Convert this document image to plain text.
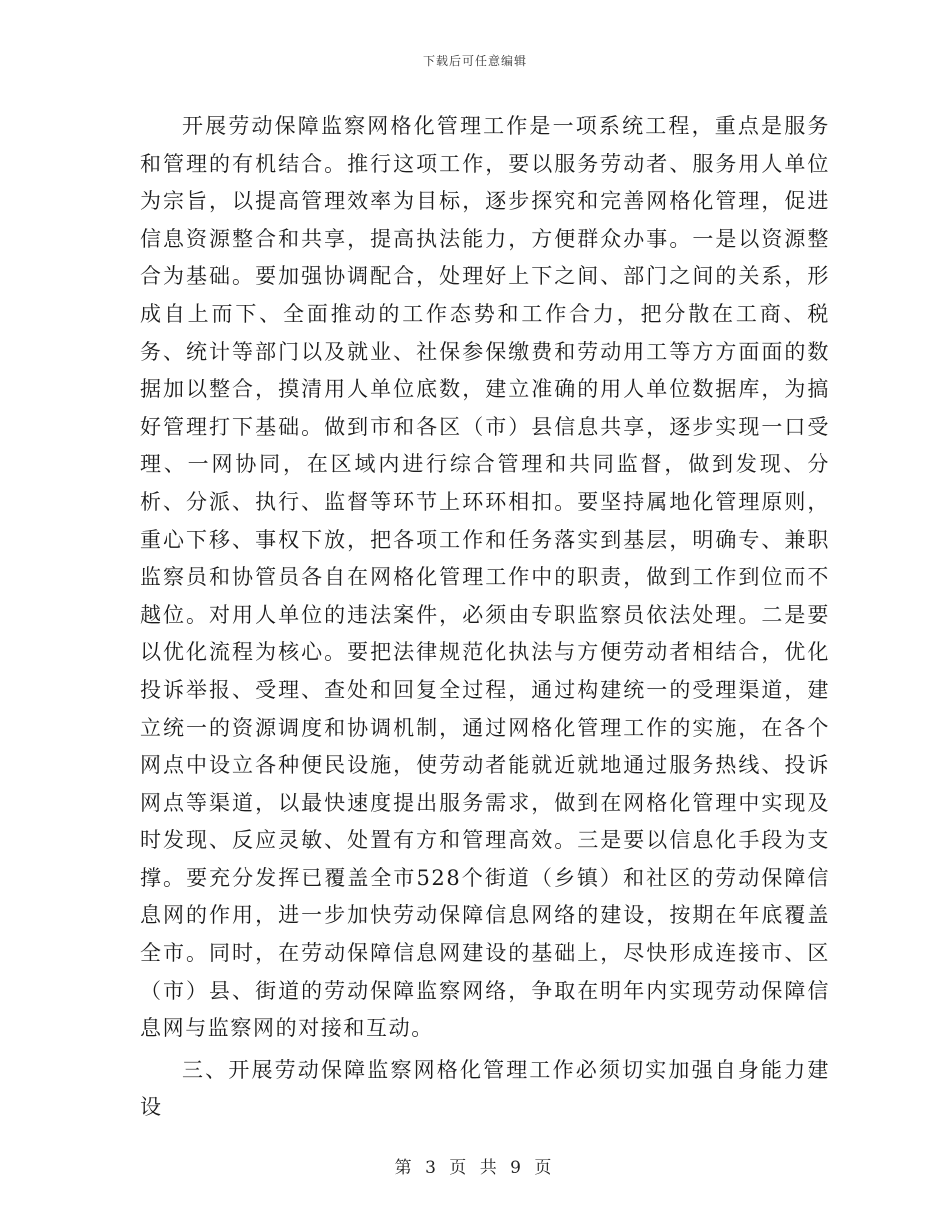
下载后可任意编辑

开展劳动保障监察网格化管理工作是一项系统工程，重点是服务和管理的有机结合。推行这项工作，要以服务劳动者、服务用人单位为宗旨，以提高管理效率为目标，逐步探究和完善网格化管理，促进信息资源整合和共享，提高执法能力，方便群众办事。一是以资源整合为基础。要加强协调配合，处理好上下之间、部门之间的关系，形成自上而下、全面推动的工作态势和工作合力，把分散在工商、税务、统计等部门以及就业、社保参保缴费和劳动用工等方方面面的数据加以整合，摸清用人单位底数，建立准确的用人单位数据库，为搞好管理打下基础。做到市和各区（市）县信息共享，逐步实现一口受理、一网协同，在区域内进行综合管理和共同监督，做到发现、分析、分派、执行、监督等环节上环环相扣。要坚持属地化管理原则，重心下移、事权下放，把各项工作和任务落实到基层，明确专、兼职监察员和协管员各自在网格化管理工作中的职责，做到工作到位而不越位。对用人单位的违法案件，必须由专职监察员依法处理。二是要以优化流程为核心。要把法律规范化执法与方便劳动者相结合，优化投诉举报、受理、查处和回复全过程，通过构建统一的受理渠道，建立统一的资源调度和协调机制，通过网格化管理工作的实施，在各个网点中设立各种便民设施，使劳动者能就近就地通过服务热线、投诉网点等渠道，以最快速度提出服务需求，做到在网格化管理中实现及时发现、反应灵敏、处置有方和管理高效。三是要以信息化手段为支撑。要充分发挥已覆盖全市528个街道（乡镇）和社区的劳动保障信息网的作用，进一步加快劳动保障信息网络的建设，按期在年底覆盖全市。同时，在劳动保障信息网建设的基础上，尽快形成连接市、区（市）县、街道的劳动保障监察网络，争取在明年内实现劳动保障信息网与监察网的对接和互动。

三、开展劳动保障监察网格化管理工作必须切实加强自身能力建设

第 3 页 共 9 页
